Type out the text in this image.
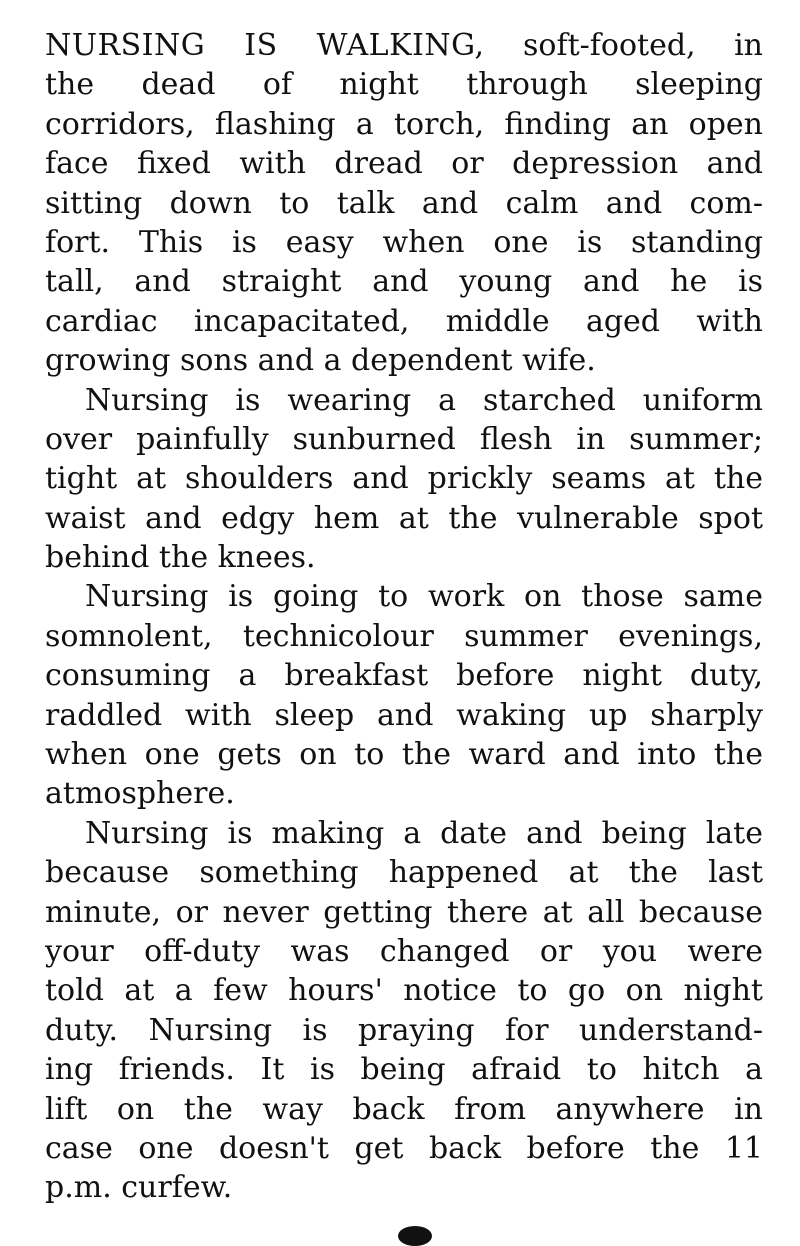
NURSING IS WALKING, soft-footed, in
the dead of night through sleeping
corridors, flashing a torch, finding an open
face fixed with dread or depression and
sitting down to talk and calm and com-
fort. This is easy when one is standing
tall, and straight and young and he is
cardiac incapacitated, middle aged with
growing sons and a dependent wife.
Nursing is wearing a starched uniform
over painfully sunburned flesh in summer;
tight at shoulders and prickly seams at the
waist and edgy hem at the vulnerable spot
behind the knees.
Nursing is going to work on those same
somnolent, technicolour summer evenings,
consuming a breakfast before night duty,
raddled with sleep and waking up sharply
when one gets on to the ward and into the
atmosphere.
Nursing is making a date and being late
because something happened at the last
minute, or never getting there at all because
your off-duty was changed or you were
told at a few hours' notice to go on night
duty. Nursing is praying for understand-
ing friends. It is being afraid to hitch a
lift on the way back from anywhere in
case one doesn't get back before the 11
p.m. curfew.
